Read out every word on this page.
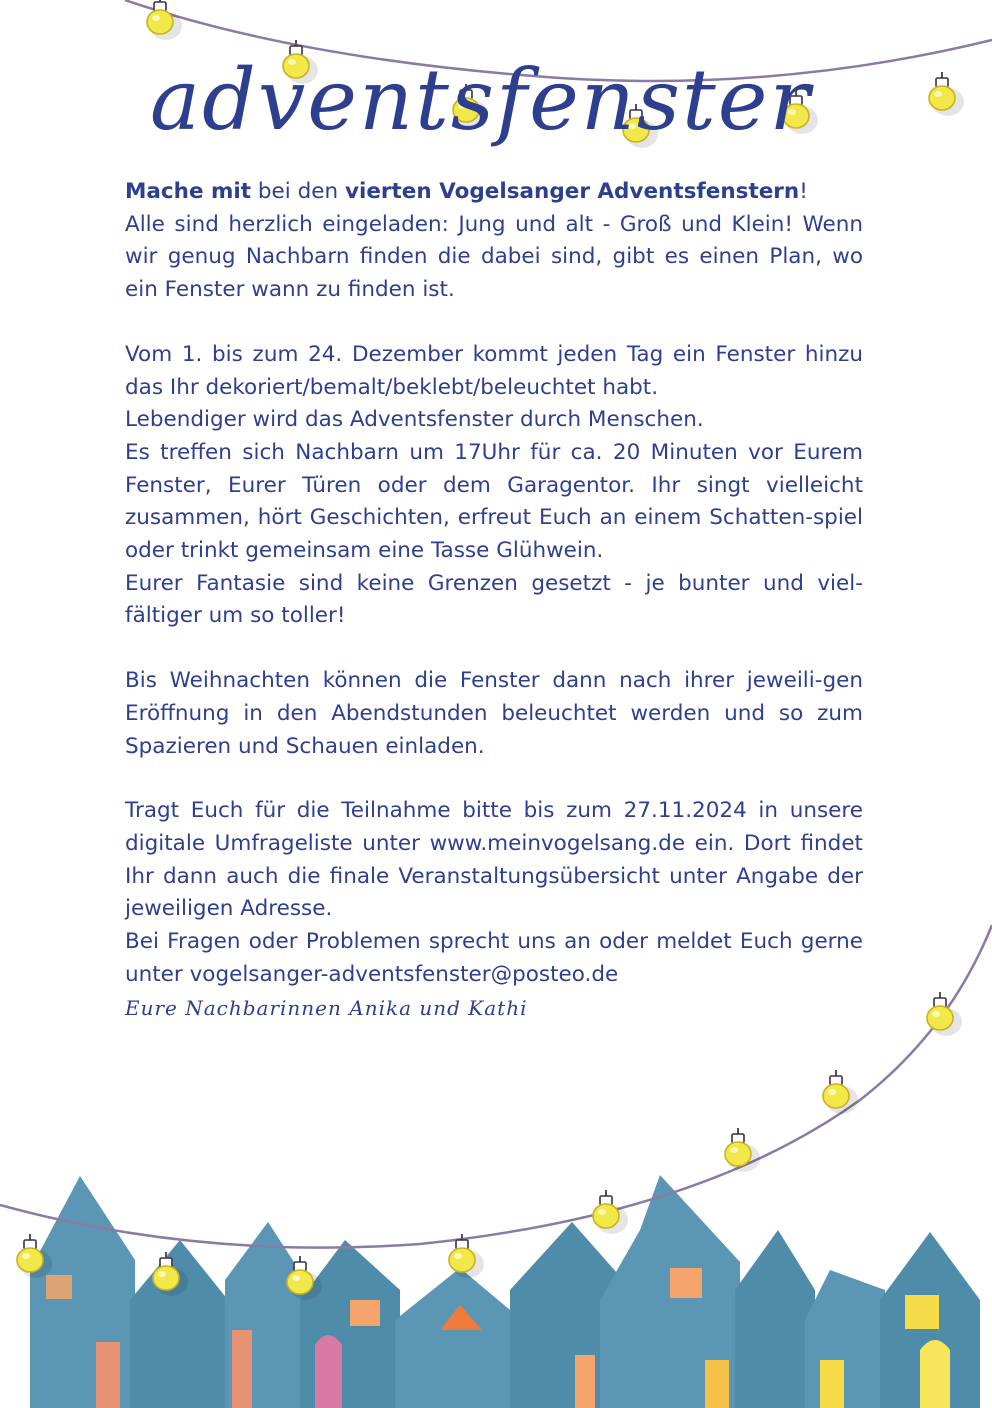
adventsfenster

Mache mit bei den vierten Vogelsanger Adventsfenstern!
Alle sind herzlich eingeladen: Jung und alt - Groß und Klein! Wenn wir genug Nachbarn finden die dabei sind, gibt es einen Plan, wo ein Fenster wann zu finden ist.

Vom 1. bis zum 24. Dezember kommt jeden Tag ein Fenster hinzu das Ihr dekoriert/bemalt/beklebt/beleuchtet habt.
Lebendiger wird das Adventsfenster durch Menschen.
Es treffen sich Nachbarn um 17Uhr für ca. 20 Minuten vor Eurem Fenster, Eurer Türen oder dem Garagentor. Ihr singt vielleicht zusammen, hört Geschichten, erfreut Euch an einem Schatten-spiel oder trinkt gemeinsam eine Tasse Glühwein.
Eurer Fantasie sind keine Grenzen gesetzt - je bunter und viel-fältiger um so toller!

Bis Weihnachten können die Fenster dann nach ihrer jeweili-gen Eröffnung in den Abendstunden beleuchtet werden und so zum Spazieren und Schauen einladen.

Tragt Euch für die Teilnahme bitte bis zum 27.11.2024 in unsere digitale Umfrageliste unter www.meinvogelsang.de ein. Dort findet Ihr dann auch die finale Veranstaltungsübersicht unter Angabe der jeweiligen Adresse.
Bei Fragen oder Problemen sprecht uns an oder meldet Euch gerne unter vogelsanger-adventsfenster@posteo.de

Eure Nachbarinnen Anika und Kathi
